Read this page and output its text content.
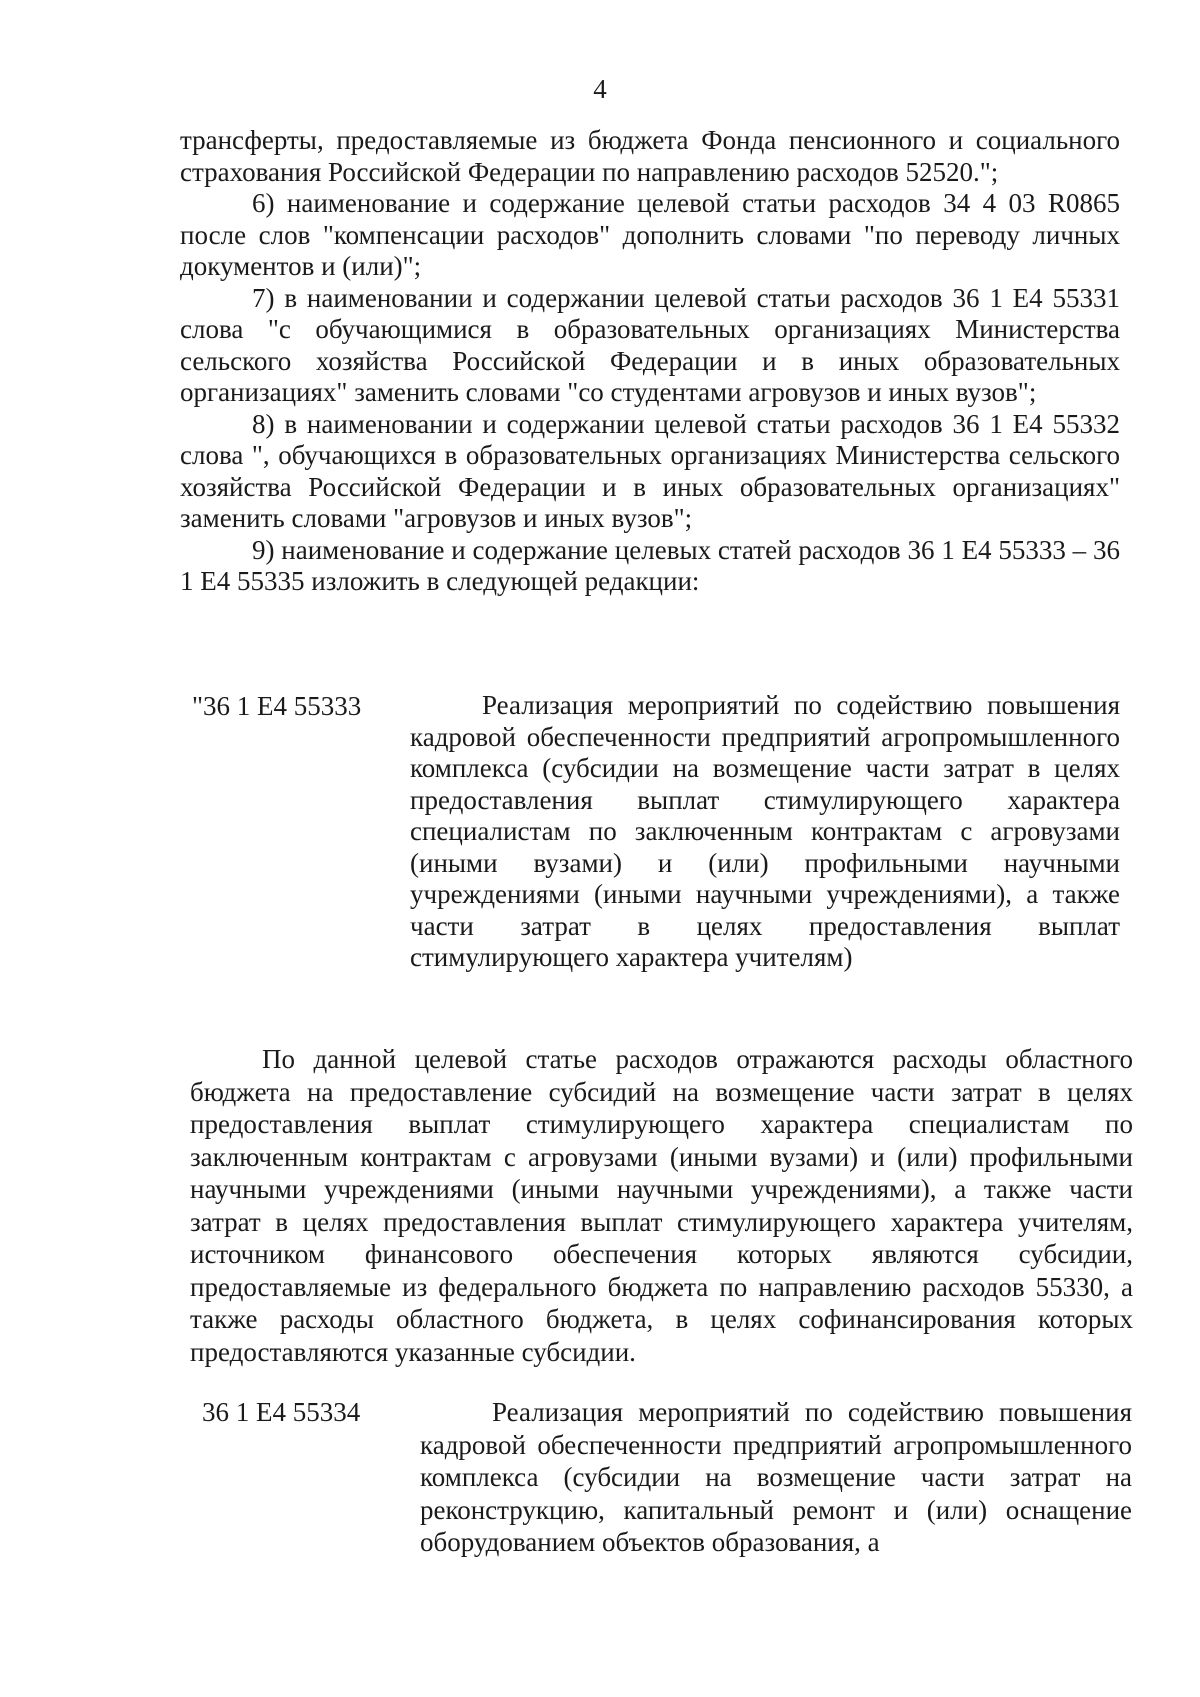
4

трансферты, предоставляемые из бюджета Фонда пенсионного и социального страхования Российской Федерации по направлению расходов 52520.";

6) наименование и содержание целевой статьи расходов 34 4 03 R0865 после слов "компенсации расходов" дополнить словами "по переводу личных документов и (или)";

7) в наименовании и содержании целевой статьи расходов 36 1 Е4 55331 слова "с обучающимися в образовательных организациях Министерства сельского хозяйства Российской Федерации и в иных образовательных организациях" заменить словами "со студентами агровузов и иных вузов";

8) в наименовании и содержании целевой статьи расходов 36 1 Е4 55332 слова ", обучающихся в образовательных организациях Министерства сельского хозяйства Российской Федерации и в иных образовательных организациях" заменить словами "агровузов и иных вузов";

9) наименование и содержание целевых статей расходов 36 1 Е4 55333 – 36 1 Е4 55335 изложить в следующей редакции:

"36 1 Е4 55333	Реализация мероприятий по содействию повышения кадровой обеспеченности предприятий агропромышленного комплекса (субсидии на возмещение части затрат в целях предоставления выплат стимулирующего характера специалистам по заключенным контрактам с агровузами (иными вузами) и (или) профильными научными учреждениями (иными научными учреждениями), а также части затрат в целях предоставления выплат стимулирующего характера учителям)
По данной целевой статье расходов отражаются расходы областного бюджета на предоставление субсидий на возмещение части затрат в целях предоставления выплат стимулирующего характера специалистам по заключенным контрактам с агровузами (иными вузами) и (или) профильными научными учреждениями (иными научными учреждениями), а также части затрат в целях предоставления выплат стимулирующего характера учителям, источником финансового обеспечения которых являются субсидии, предоставляемые из федерального бюджета по направлению расходов 55330, а также расходы областного бюджета, в целях софинансирования которых предоставляются указанные субсидии.
36 1 Е4 55334	Реализация мероприятий по содействию повышения кадровой обеспеченности предприятий агропромышленного комплекса (субсидии на возмещение части затрат на реконструкцию, капитальный ремонт и (или) оснащение оборудованием объектов образования, а
